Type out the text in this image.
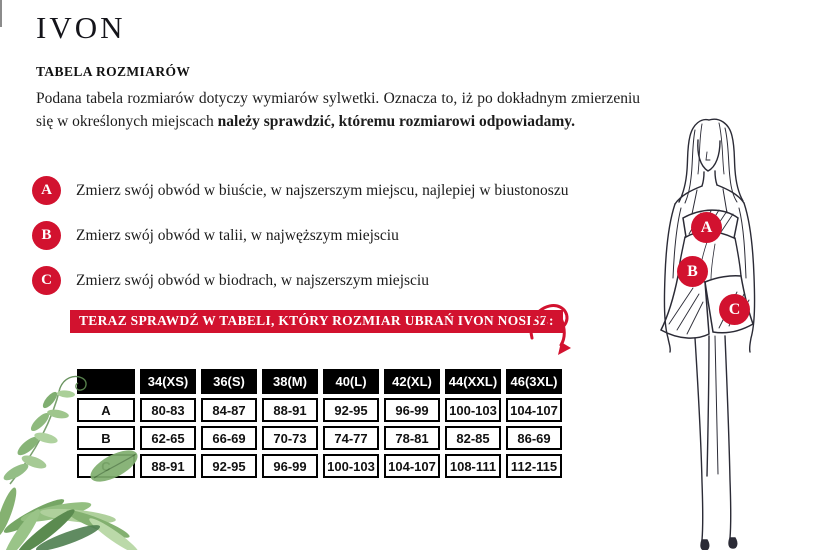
IVON
TABELA ROZMIARÓW

Podana tabela rozmiarów dotyczy wymiarów sylwetki. Oznacza to, iż po dokładnym zmierzeniu się w określonych miejscach należy sprawdzić, któremu rozmiarowi odpowiadamy.

A	Zmierz swój obwód w biuście, w najszerszym miejscu, najlepiej w biustonoszu
B	Zmierz swój obwód w talii, w najwęższym miejsciu
C	Zmierz swój obwód w biodrach, w najszerszym miejsciu
TERAZ SPRAWDŹ W TABELI, KTÓRY ROZMIAR UBRAŃ IVON NOSISZ:
	34(XS)	36(S)	38(M)	40(L)	42(XL)	44(XXL)	46(3XL)
A	80-83	84-87	88-91	92-95	96-99	100-103	104-107
B	62-65	66-69	70-73	74-77	78-81	82-85	86-69
	88-91	92-95	96-99	100-103	104-107	108-111	112-115
A
B
C
